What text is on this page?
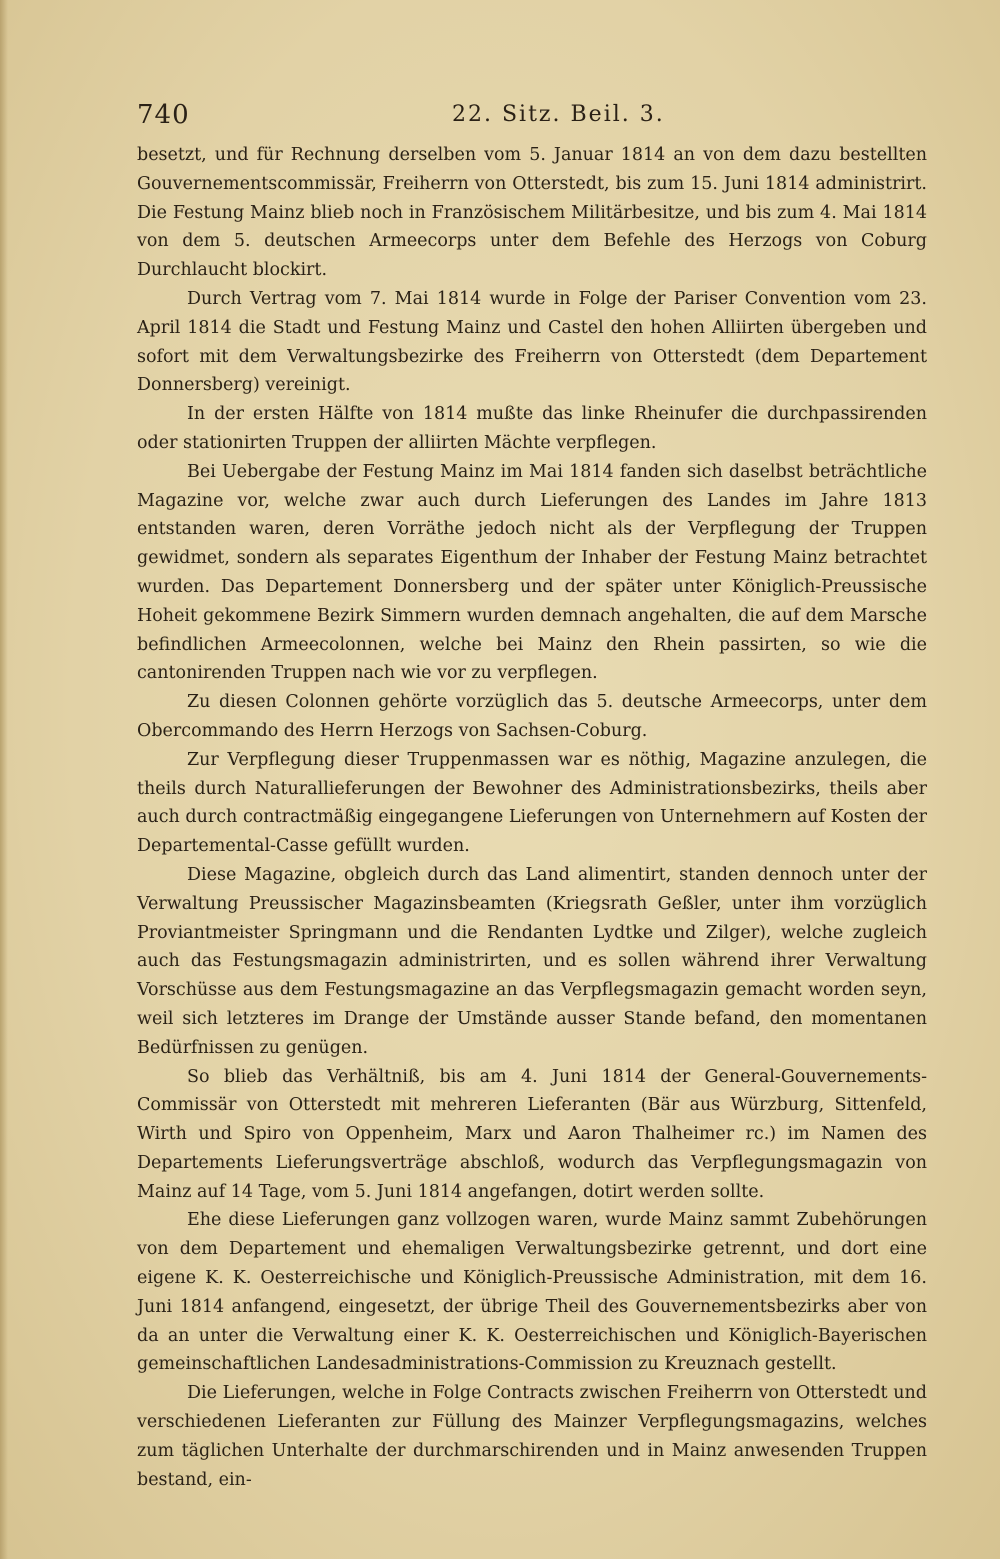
740	22. Sitz. Beil. 3.

besetzt, und für Rechnung derselben vom 5. Januar 1814 an von dem dazu bestellten Gouvernementscommissär, Freiherrn von Otterstedt, bis zum 15. Juni 1814 administrirt. Die Festung Mainz blieb noch in Französischem Militärbesitze, und bis zum 4. Mai 1814 von dem 5. deutschen Armeecorps unter dem Befehle des Herzogs von Coburg Durchlaucht blockirt.

Durch Vertrag vom 7. Mai 1814 wurde in Folge der Pariser Convention vom 23. April 1814 die Stadt und Festung Mainz und Castel den hohen Alliirten übergeben und sofort mit dem Verwaltungsbezirke des Freiherrn von Otterstedt (dem Departement Donnersberg) vereinigt.

In der ersten Hälfte von 1814 mußte das linke Rheinufer die durchpassirenden oder stationirten Truppen der alliirten Mächte verpflegen.

Bei Uebergabe der Festung Mainz im Mai 1814 fanden sich daselbst beträchtliche Magazine vor, welche zwar auch durch Lieferungen des Landes im Jahre 1813 entstanden waren, deren Vorräthe jedoch nicht als der Verpflegung der Truppen gewidmet, sondern als separates Eigenthum der Inhaber der Festung Mainz betrachtet wurden. Das Departement Donnersberg und der später unter Königlich-Preussische Hoheit gekommene Bezirk Simmern wurden demnach angehalten, die auf dem Marsche befindlichen Armeecolonnen, welche bei Mainz den Rhein passirten, so wie die cantonirenden Truppen nach wie vor zu verpflegen.

Zu diesen Colonnen gehörte vorzüglich das 5. deutsche Armeecorps, unter dem Obercommando des Herrn Herzogs von Sachsen-Coburg.

Zur Verpflegung dieser Truppenmassen war es nöthig, Magazine anzulegen, die theils durch Naturallieferungen der Bewohner des Administrationsbezirks, theils aber auch durch contractmäßig eingegangene Lieferungen von Unternehmern auf Kosten der Departemental-Casse gefüllt wurden.

Diese Magazine, obgleich durch das Land alimentirt, standen dennoch unter der Verwaltung Preussischer Magazinsbeamten (Kriegsrath Geßler, unter ihm vorzüglich Proviantmeister Springmann und die Rendanten Lydtke und Zilger), welche zugleich auch das Festungsmagazin administrirten, und es sollen während ihrer Verwaltung Vorschüsse aus dem Festungsmagazine an das Verpflegsmagazin gemacht worden seyn, weil sich letzteres im Drange der Umstände ausser Stande befand, den momentanen Bedürfnissen zu genügen.

So blieb das Verhältniß, bis am 4. Juni 1814 der General-Gouvernements-Commissär von Otterstedt mit mehreren Lieferanten (Bär aus Würzburg, Sittenfeld, Wirth und Spiro von Oppenheim, Marx und Aaron Thalheimer rc.) im Namen des Departements Lieferungsverträge abschloß, wodurch das Verpflegungsmagazin von Mainz auf 14 Tage, vom 5. Juni 1814 angefangen, dotirt werden sollte.

Ehe diese Lieferungen ganz vollzogen waren, wurde Mainz sammt Zubehörungen von dem Departement und ehemaligen Verwaltungsbezirke getrennt, und dort eine eigene K. K. Oesterreichische und Königlich-Preussische Administration, mit dem 16. Juni 1814 anfangend, eingesetzt, der übrige Theil des Gouvernementsbezirks aber von da an unter die Verwaltung einer K. K. Oesterreichischen und Königlich-Bayerischen gemeinschaftlichen Landesadministrations-Commission zu Kreuznach gestellt.

Die Lieferungen, welche in Folge Contracts zwischen Freiherrn von Otterstedt und verschiedenen Lieferanten zur Füllung des Mainzer Verpflegungsmagazins, welches zum täglichen Unterhalte der durchmarschirenden und in Mainz anwesenden Truppen bestand, ein-
